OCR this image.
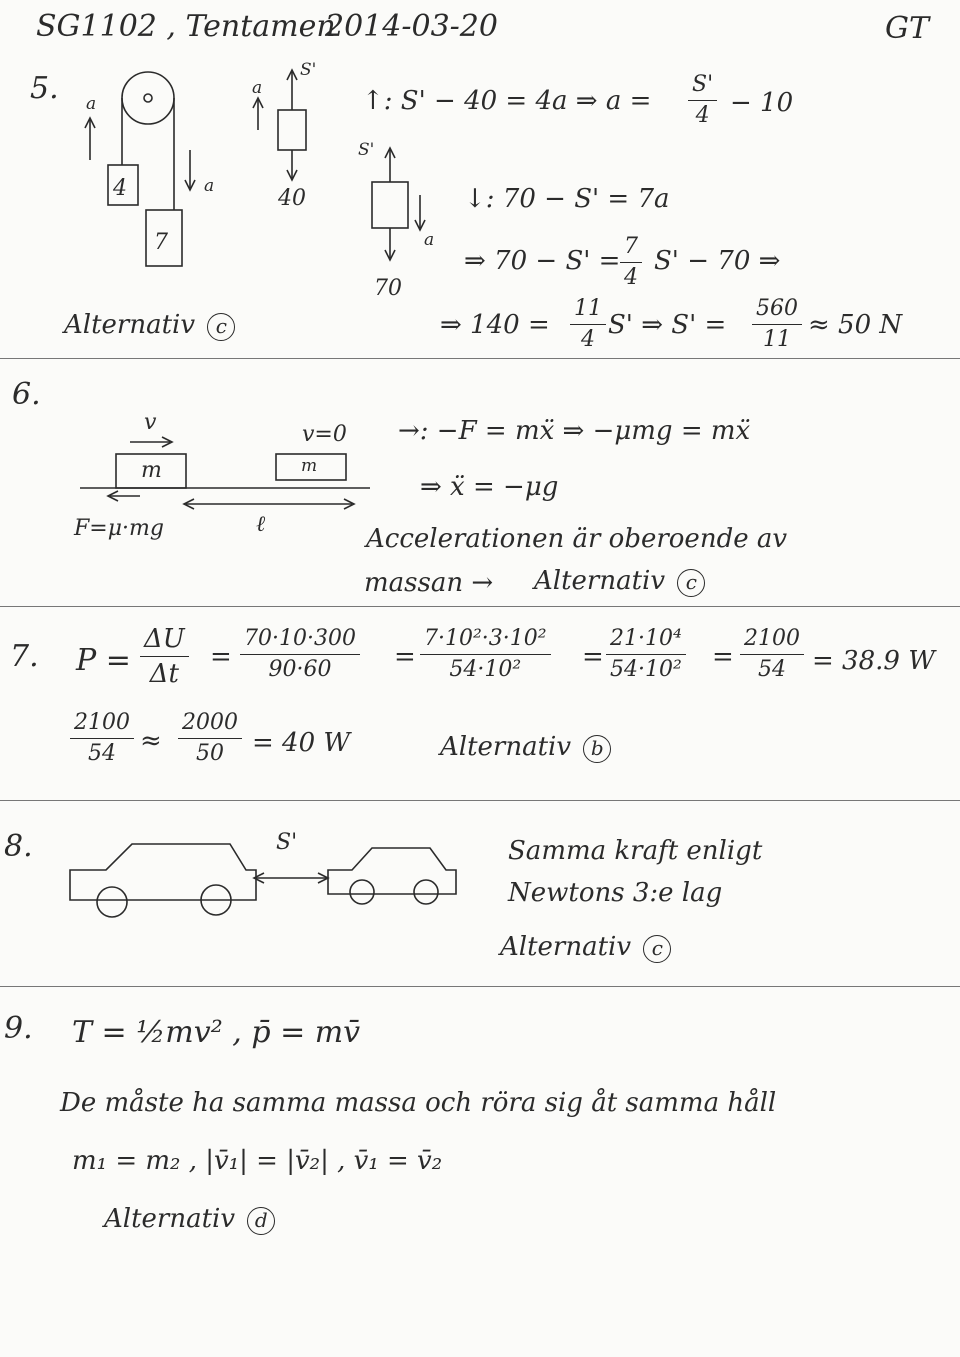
SG1102 , Tentamen
2014-03-20	GT
5. a
a
4
7
a
S'
40
S'
a
70
↑: S' − 40 = 4a ⇒ $a = \frac{S'}{4} - 10$
↓: 70 − S' = 7a
⇒ $70 - S' = \frac{7}{4} S' - 70$ ⇒
⇒ $140 = \frac{11}{4} S'$ ⇒ $S' = \frac{560}{11} \approx 50$ N
Alternativ c
6.
v	v=0
m	m
F=μ·mg	ℓ
→: −F = mẍ ⇒ −μmg = mẍ
⇒ ẍ = −μg
Accelerationen är oberoende av
massan → Alternativ c
7. $P = \frac{\Delta U}{\Delta t} = \frac{70\cdot 10\cdot 300}{90\cdot 60} = \frac{\text{7·10²·3·10²}}{\text{54·10²}} = \frac{\text{21·10⁴}}{\text{54·10²}} = \frac{2100}{54} = 38.9$ W
$\frac{2100}{54} \approx \frac{2000}{50} = 40$ W	Alternativ b
8.	S'	Samma kraft enligt
Newtons 3:e lag
Alternativ c
9. T = ½mv² , p̄ = mv̄
De måste ha samma massa och röra sig åt samma håll
m₁ = m₂ , |v̄₁| = |v̄₂| , v̄₁ = v̄₂
Alternativ d
